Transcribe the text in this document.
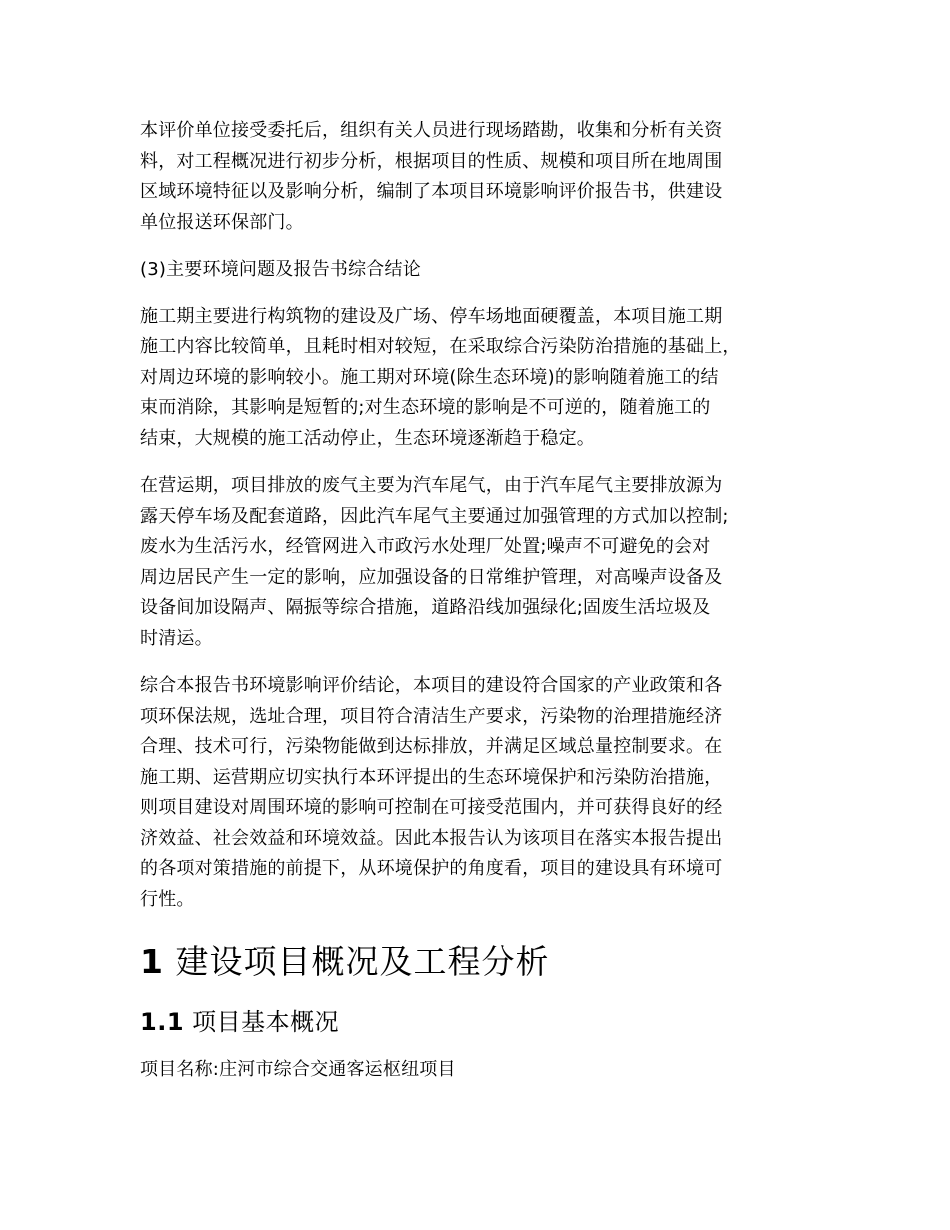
本评价单位接受委托后，组织有关人员进行现场踏勘，收集和分析有关资
料，对工程概况进行初步分析，根据项目的性质、规模和项目所在地周围
区域环境特征以及影响分析，编制了本项目环境影响评价报告书，供建设
单位报送环保部门。

(3)主要环境问题及报告书综合结论

施工期主要进行构筑物的建设及广场、停车场地面硬覆盖，本项目施工期
施工内容比较简单，且耗时相对较短，在采取综合污染防治措施的基础上，
对周边环境的影响较小。施工期对环境(除生态环境)的影响随着施工的结
束而消除，其影响是短暂的;对生态环境的影响是不可逆的，随着施工的
结束，大规模的施工活动停止，生态环境逐渐趋于稳定。

在营运期，项目排放的废气主要为汽车尾气，由于汽车尾气主要排放源为
露天停车场及配套道路，因此汽车尾气主要通过加强管理的方式加以控制;
废水为生活污水，经管网进入市政污水处理厂处置;噪声不可避免的会对
周边居民产生一定的影响，应加强设备的日常维护管理，对高噪声设备及
设备间加设隔声、隔振等综合措施，道路沿线加强绿化;固废生活垃圾及
时清运。

综合本报告书环境影响评价结论，本项目的建设符合国家的产业政策和各
项环保法规，选址合理，项目符合清洁生产要求，污染物的治理措施经济
合理、技术可行，污染物能做到达标排放，并满足区域总量控制要求。在
施工期、运营期应切实执行本环评提出的生态环境保护和污染防治措施，
则项目建设对周围环境的影响可控制在可接受范围内，并可获得良好的经
济效益、社会效益和环境效益。因此本报告认为该项目在落实本报告提出
的各项对策措施的前提下，从环境保护的角度看，项目的建设具有环境可
行性。

1 建设项目概况及工程分析
1.1 项目基本概况

项目名称:庄河市综合交通客运枢纽项目
